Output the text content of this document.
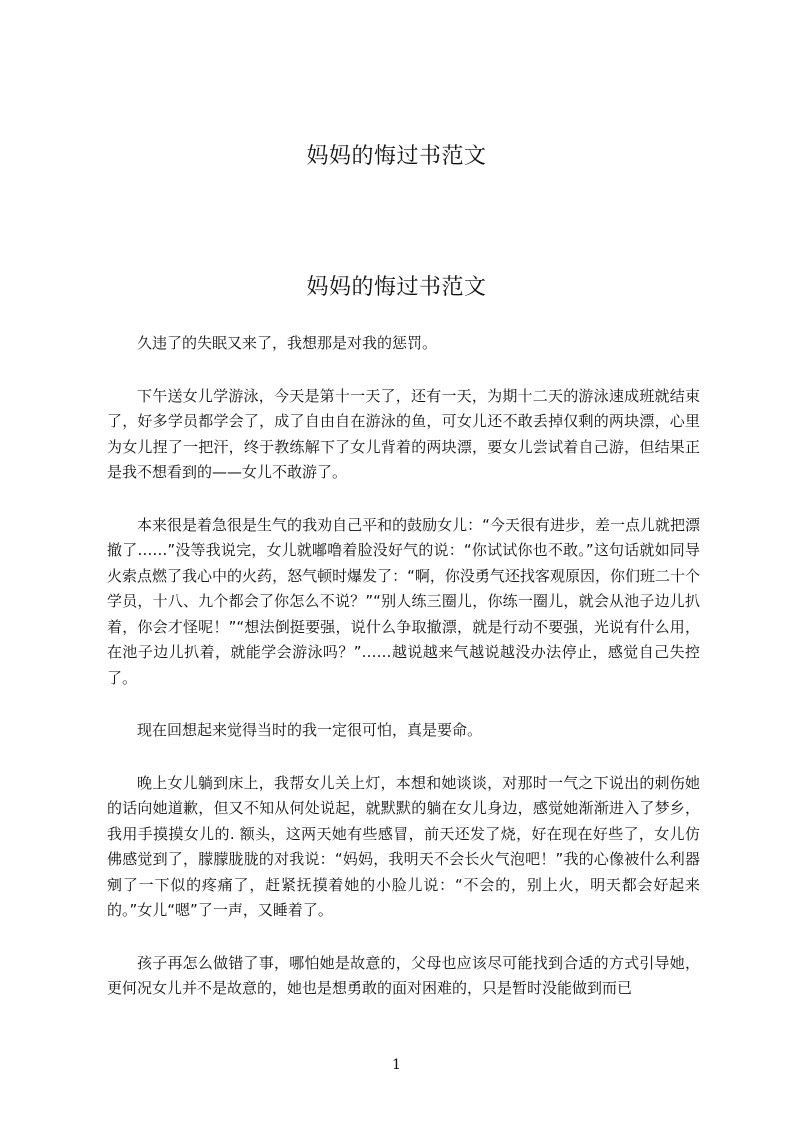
妈妈的悔过书范文
妈妈的悔过书范文

久违了的失眠又来了，我想那是对我的惩罚。

下午送女儿学游泳，今天是第十一天了，还有一天，为期十二天的游泳速成班就结束了，好多学员都学会了，成了自由自在游泳的鱼，可女儿还不敢丢掉仅剩的两块漂，心里为女儿捏了一把汗，终于教练解下了女儿背着的两块漂，要女儿尝试着自己游，但结果正是我不想看到的——女儿不敢游了。

本来很是着急很是生气的我劝自己平和的鼓励女儿：“今天很有进步，差一点儿就把漂撤了……”没等我说完，女儿就嘟噜着脸没好气的说：“你试试你也不敢。”这句话就如同导火索点燃了我心中的火药，怒气顿时爆发了：“啊，你没勇气还找客观原因，你们班二十个学员，十八、九个都会了你怎么不说？”“别人练三圈儿，你练一圈儿，就会从池子边儿扒着，你会才怪呢！”“想法倒挺要强，说什么争取撤漂，就是行动不要强，光说有什么用，在池子边儿扒着，就能学会游泳吗？”……越说越来气越说越没办法停止，感觉自己失控了。

现在回想起来觉得当时的我一定很可怕，真是要命。

晚上女儿躺到床上，我帮女儿关上灯，本想和她谈谈，对那时一气之下说出的刺伤她的话向她道歉，但又不知从何处说起，就默默的躺在女儿身边，感觉她渐渐进入了梦乡，我用手摸摸女儿的. 额头，这两天她有些感冒，前天还发了烧，好在现在好些了，女儿仿佛感觉到了，朦朦胧胧的对我说：“妈妈，我明天不会长火气泡吧！”我的心像被什么利器剜了一下似的疼痛了，赶紧抚摸着她的小脸儿说：“不会的，别上火，明天都会好起来的。”女儿“嗯”了一声，又睡着了。

孩子再怎么做错了事，哪怕她是故意的，父母也应该尽可能找到合适的方式引导她，更何况女儿并不是故意的，她也是想勇敢的面对困难的，只是暂时没能做到而已

1
